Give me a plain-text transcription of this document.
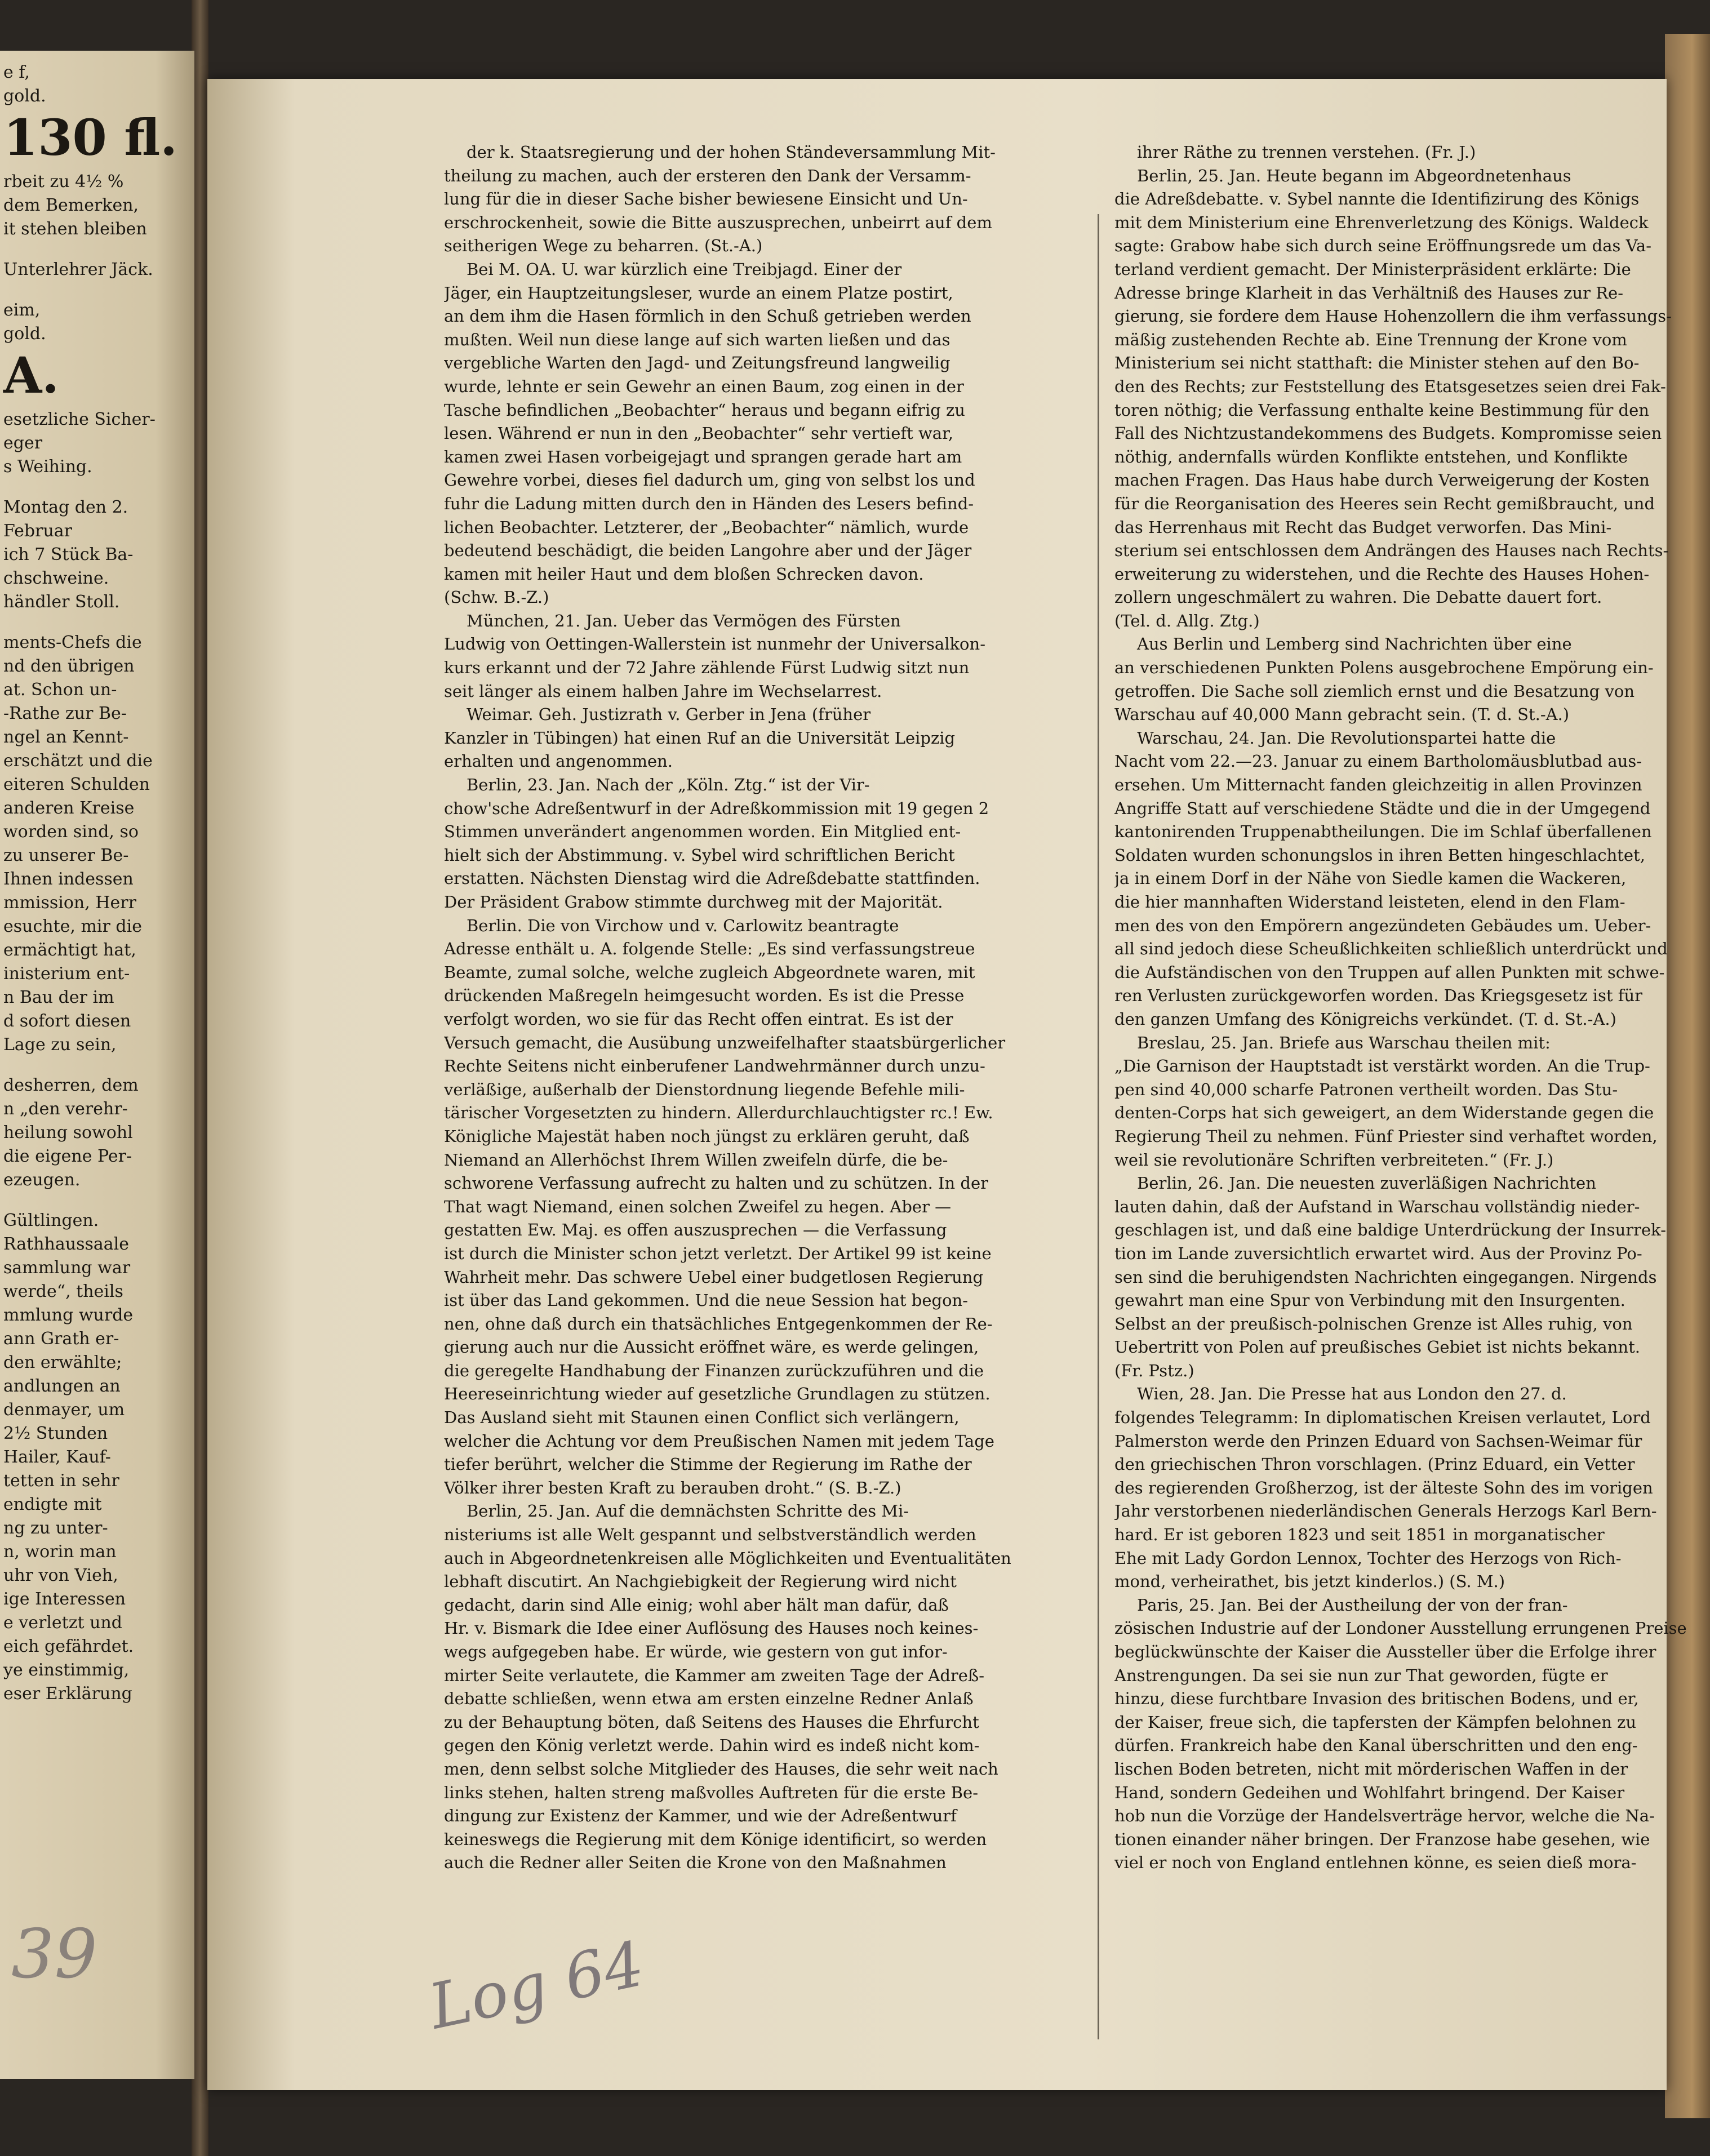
e f,
gold.
130 fl.
rbeit zu 4½ %
dem Bemerken,
it stehen bleiben
Unterlehrer Jäck.
eim,
gold.
A.
esetzliche Sicher-
eger
s Weihing.
Montag den 2.
Februar
ich 7 Stück Ba-
chschweine.
händler Stoll.
ments-Chefs die
nd den übrigen
at. Schon un-
-Rathe zur Be-
ngel an Kennt-
erschätzt und die
eiteren Schulden
anderen Kreise
worden sind, so
zu unserer Be-
Ihnen indessen
mmission, Herr
esuchte, mir die
ermächtigt hat,
inisterium ent-
n Bau der im
d sofort diesen
Lage zu sein,
desherren, dem
n „den verehr-
heilung sowohl
die eigene Per-
ezeugen.
Gültlingen.
Rathhaussaale
sammlung war
werde“, theils
mmlung wurde
ann Grath er-
den erwählte;
andlungen an
denmayer, um
2½ Stunden
Hailer, Kauf-
tetten in sehr
endigte mit
ng zu unter-
n, worin man
uhr von Vieh,
ige Interessen
e verletzt und
eich gefährdet.
ye einstimmig,
eser Erklärung

der k. Staatsregierung und der hohen Ständeversammlung Mit-
theilung zu machen, auch der ersteren den Dank der Versamm-
lung für die in dieser Sache bisher bewiesene Einsicht und Un-
erschrockenheit, sowie die Bitte auszusprechen, unbeirrt auf dem
seitherigen Wege zu beharren. (St.-A.)

Bei M. OA. U. war kürzlich eine Treibjagd. Einer der
Jäger, ein Hauptzeitungsleser, wurde an einem Platze postirt,
an dem ihm die Hasen förmlich in den Schuß getrieben werden
mußten. Weil nun diese lange auf sich warten ließen und das
vergebliche Warten den Jagd- und Zeitungsfreund langweilig
wurde, lehnte er sein Gewehr an einen Baum, zog einen in der
Tasche befindlichen „Beobachter“ heraus und begann eifrig zu
lesen. Während er nun in den „Beobachter“ sehr vertieft war,
kamen zwei Hasen vorbeigejagt und sprangen gerade hart am
Gewehre vorbei, dieses fiel dadurch um, ging von selbst los und
fuhr die Ladung mitten durch den in Händen des Lesers befind-
lichen Beobachter. Letzterer, der „Beobachter“ nämlich, wurde
bedeutend beschädigt, die beiden Langohre aber und der Jäger
kamen mit heiler Haut und dem bloßen Schrecken davon.
(Schw. B.-Z.)

München, 21. Jan. Ueber das Vermögen des Fürsten
Ludwig von Oettingen-Wallerstein ist nunmehr der Universalkon-
kurs erkannt und der 72 Jahre zählende Fürst Ludwig sitzt nun
seit länger als einem halben Jahre im Wechselarrest.

Weimar. Geh. Justizrath v. Gerber in Jena (früher
Kanzler in Tübingen) hat einen Ruf an die Universität Leipzig
erhalten und angenommen.

Berlin, 23. Jan. Nach der „Köln. Ztg.“ ist der Vir-
chow'sche Adreßentwurf in der Adreßkommission mit 19 gegen 2
Stimmen unverändert angenommen worden. Ein Mitglied ent-
hielt sich der Abstimmung. v. Sybel wird schriftlichen Bericht
erstatten. Nächsten Dienstag wird die Adreßdebatte stattfinden.
Der Präsident Grabow stimmte durchweg mit der Majorität.

Berlin. Die von Virchow und v. Carlowitz beantragte
Adresse enthält u. A. folgende Stelle: „Es sind verfassungstreue
Beamte, zumal solche, welche zugleich Abgeordnete waren, mit
drückenden Maßregeln heimgesucht worden. Es ist die Presse
verfolgt worden, wo sie für das Recht offen eintrat. Es ist der
Versuch gemacht, die Ausübung unzweifelhafter staatsbürgerlicher
Rechte Seitens nicht einberufener Landwehrmänner durch unzu-
verläßige, außerhalb der Dienstordnung liegende Befehle mili-
tärischer Vorgesetzten zu hindern. Allerdurchlauchtigster rc.! Ew.
Königliche Majestät haben noch jüngst zu erklären geruht, daß
Niemand an Allerhöchst Ihrem Willen zweifeln dürfe, die be-
schworene Verfassung aufrecht zu halten und zu schützen. In der
That wagt Niemand, einen solchen Zweifel zu hegen. Aber —
gestatten Ew. Maj. es offen auszusprechen — die Verfassung
ist durch die Minister schon jetzt verletzt. Der Artikel 99 ist keine
Wahrheit mehr. Das schwere Uebel einer budgetlosen Regierung
ist über das Land gekommen. Und die neue Session hat begon-
nen, ohne daß durch ein thatsächliches Entgegenkommen der Re-
gierung auch nur die Aussicht eröffnet wäre, es werde gelingen,
die geregelte Handhabung der Finanzen zurückzuführen und die
Heereseinrichtung wieder auf gesetzliche Grundlagen zu stützen.
Das Ausland sieht mit Staunen einen Conflict sich verlängern,
welcher die Achtung vor dem Preußischen Namen mit jedem Tage
tiefer berührt, welcher die Stimme der Regierung im Rathe der
Völker ihrer besten Kraft zu berauben droht.“ (S. B.-Z.)

Berlin, 25. Jan. Auf die demnächsten Schritte des Mi-
nisteriums ist alle Welt gespannt und selbstverständlich werden
auch in Abgeordnetenkreisen alle Möglichkeiten und Eventualitäten
lebhaft discutirt. An Nachgiebigkeit der Regierung wird nicht
gedacht, darin sind Alle einig; wohl aber hält man dafür, daß
Hr. v. Bismark die Idee einer Auflösung des Hauses noch keines-
wegs aufgegeben habe. Er würde, wie gestern von gut infor-
mirter Seite verlautete, die Kammer am zweiten Tage der Adreß-
debatte schließen, wenn etwa am ersten einzelne Redner Anlaß
zu der Behauptung böten, daß Seitens des Hauses die Ehrfurcht
gegen den König verletzt werde. Dahin wird es indeß nicht kom-
men, denn selbst solche Mitglieder des Hauses, die sehr weit nach
links stehen, halten streng maßvolles Auftreten für die erste Be-
dingung zur Existenz der Kammer, und wie der Adreßentwurf
keineswegs die Regierung mit dem Könige identificirt, so werden
auch die Redner aller Seiten die Krone von den Maßnahmen

ihrer Räthe zu trennen verstehen. (Fr. J.)

Berlin, 25. Jan. Heute begann im Abgeordnetenhaus
die Adreßdebatte. v. Sybel nannte die Identifizirung des Königs
mit dem Ministerium eine Ehrenverletzung des Königs. Waldeck
sagte: Grabow habe sich durch seine Eröffnungsrede um das Va-
terland verdient gemacht. Der Ministerpräsident erklärte: Die
Adresse bringe Klarheit in das Verhältniß des Hauses zur Re-
gierung, sie fordere dem Hause Hohenzollern die ihm verfassungs-
mäßig zustehenden Rechte ab. Eine Trennung der Krone vom
Ministerium sei nicht statthaft: die Minister stehen auf den Bo-
den des Rechts; zur Feststellung des Etatsgesetzes seien drei Fak-
toren nöthig; die Verfassung enthalte keine Bestimmung für den
Fall des Nichtzustandekommens des Budgets. Kompromisse seien
nöthig, andernfalls würden Konflikte entstehen, und Konflikte
machen Fragen. Das Haus habe durch Verweigerung der Kosten
für die Reorganisation des Heeres sein Recht gemißbraucht, und
das Herrenhaus mit Recht das Budget verworfen. Das Mini-
sterium sei entschlossen dem Andrängen des Hauses nach Rechts-
erweiterung zu widerstehen, und die Rechte des Hauses Hohen-
zollern ungeschmälert zu wahren. Die Debatte dauert fort.
(Tel. d. Allg. Ztg.)

Aus Berlin und Lemberg sind Nachrichten über eine
an verschiedenen Punkten Polens ausgebrochene Empörung ein-
getroffen. Die Sache soll ziemlich ernst und die Besatzung von
Warschau auf 40,000 Mann gebracht sein. (T. d. St.-A.)

Warschau, 24. Jan. Die Revolutionspartei hatte die
Nacht vom 22.—23. Januar zu einem Bartholomäusblutbad aus-
ersehen. Um Mitternacht fanden gleichzeitig in allen Provinzen
Angriffe Statt auf verschiedene Städte und die in der Umgegend
kantonirenden Truppenabtheilungen. Die im Schlaf überfallenen
Soldaten wurden schonungslos in ihren Betten hingeschlachtet,
ja in einem Dorf in der Nähe von Siedle kamen die Wackeren,
die hier mannhaften Widerstand leisteten, elend in den Flam-
men des von den Empörern angezündeten Gebäudes um. Ueber-
all sind jedoch diese Scheußlichkeiten schließlich unterdrückt und
die Aufständischen von den Truppen auf allen Punkten mit schwe-
ren Verlusten zurückgeworfen worden. Das Kriegsgesetz ist für
den ganzen Umfang des Königreichs verkündet. (T. d. St.-A.)

Breslau, 25. Jan. Briefe aus Warschau theilen mit:
„Die Garnison der Hauptstadt ist verstärkt worden. An die Trup-
pen sind 40,000 scharfe Patronen vertheilt worden. Das Stu-
denten-Corps hat sich geweigert, an dem Widerstande gegen die
Regierung Theil zu nehmen. Fünf Priester sind verhaftet worden,
weil sie revolutionäre Schriften verbreiteten.“ (Fr. J.)

Berlin, 26. Jan. Die neuesten zuverläßigen Nachrichten
lauten dahin, daß der Aufstand in Warschau vollständig nieder-
geschlagen ist, und daß eine baldige Unterdrückung der Insurrek-
tion im Lande zuversichtlich erwartet wird. Aus der Provinz Po-
sen sind die beruhigendsten Nachrichten eingegangen. Nirgends
gewahrt man eine Spur von Verbindung mit den Insurgenten.
Selbst an der preußisch-polnischen Grenze ist Alles ruhig, von
Uebertritt von Polen auf preußisches Gebiet ist nichts bekannt.
(Fr. Pstz.)

Wien, 28. Jan. Die Presse hat aus London den 27. d.
folgendes Telegramm: In diplomatischen Kreisen verlautet, Lord
Palmerston werde den Prinzen Eduard von Sachsen-Weimar für
den griechischen Thron vorschlagen. (Prinz Eduard, ein Vetter
des regierenden Großherzog, ist der älteste Sohn des im vorigen
Jahr verstorbenen niederländischen Generals Herzogs Karl Bern-
hard. Er ist geboren 1823 und seit 1851 in morganatischer
Ehe mit Lady Gordon Lennox, Tochter des Herzogs von Rich-
mond, verheirathet, bis jetzt kinderlos.) (S. M.)

Paris, 25. Jan. Bei der Austheilung der von der fran-
zösischen Industrie auf der Londoner Ausstellung errungenen Preise
beglückwünschte der Kaiser die Aussteller über die Erfolge ihrer
Anstrengungen. Da sei sie nun zur That geworden, fügte er
hinzu, diese furchtbare Invasion des britischen Bodens, und er,
der Kaiser, freue sich, die tapfersten der Kämpfen belohnen zu
dürfen. Frankreich habe den Kanal überschritten und den eng-
lischen Boden betreten, nicht mit mörderischen Waffen in der
Hand, sondern Gedeihen und Wohlfahrt bringend. Der Kaiser
hob nun die Vorzüge der Handelsverträge hervor, welche die Na-
tionen einander näher bringen. Der Franzose habe gesehen, wie
viel er noch von England entlehnen könne, es seien dieß mora-

Log 64
39
